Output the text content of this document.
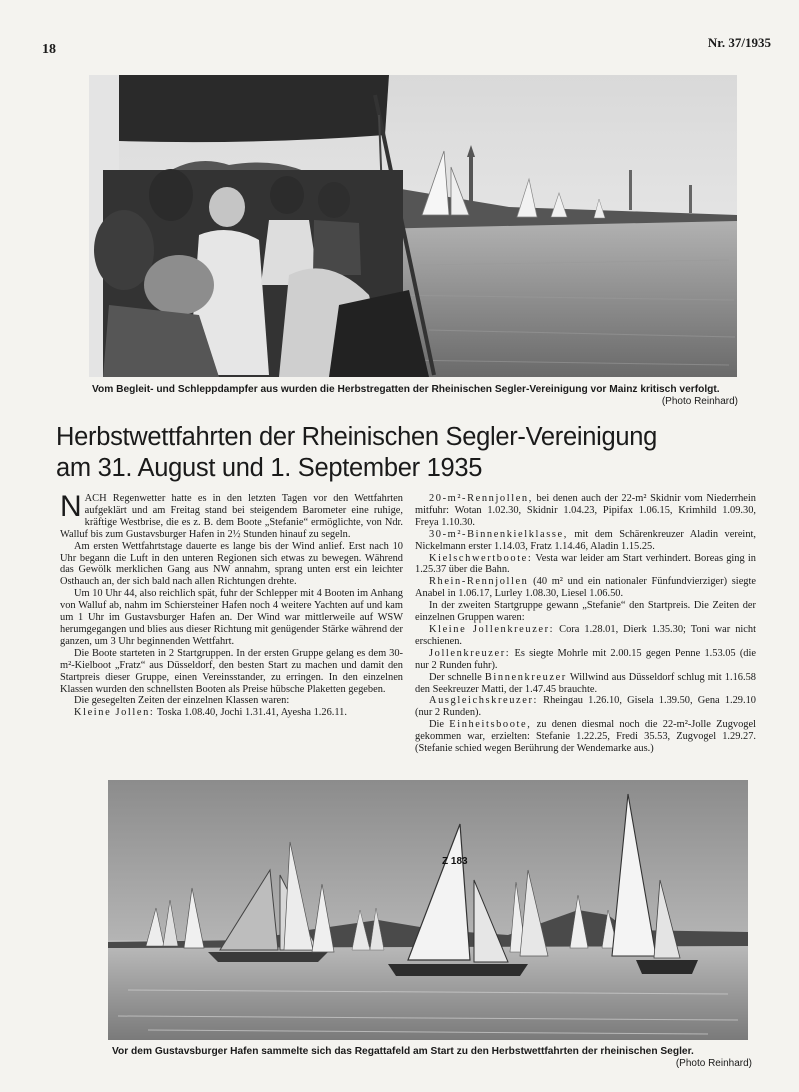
18	Nr. 37/1935
Vom Begleit- und Schleppdampfer aus wurden die Herbstregatten der Rheinischen Segler-Vereinigung vor Mainz kritisch verfolgt.
(Photo Reinhard)
Herbstwettfahrten der Rheinischen Segler-Vereinigung
am 31. August und 1. September 1935

NACH Regenwetter hatte es in den letzten Tagen vor den Wettfahrten aufgeklärt und am Freitag stand bei steigendem Barometer eine ruhige, kräftige Westbrise, die es z. B. dem Boote „Stefanie“ ermöglichte, von Ndr. Walluf bis zum Gustavsburger Hafen in 2½ Stunden hinauf zu segeln.

Am ersten Wettfahrtstage dauerte es lange bis der Wind anlief. Erst nach 10 Uhr begann die Luft in den unteren Regionen sich etwas zu bewegen. Während das Gewölk merklichen Gang aus NW annahm, sprang unten erst ein leichter Osthauch an, der sich bald nach allen Richtungen drehte.

Um 10 Uhr 44, also reichlich spät, fuhr der Schlepper mit 4 Booten im Anhang von Walluf ab, nahm im Schiersteiner Hafen noch 4 weitere Yachten auf und kam um 1 Uhr im Gustavsburger Hafen an. Der Wind war mittlerweile auf WSW herumgegangen und blies aus dieser Richtung mit genügender Stärke während der ganzen, um 3 Uhr beginnenden Wettfahrt.

Die Boote starteten in 2 Startgruppen. In der ersten Gruppe gelang es dem 30-m²-Kielboot „Fratz“ aus Düsseldorf, den besten Start zu machen und damit den Startpreis dieser Gruppe, einen Vereinsstander, zu erringen. In den einzelnen Klassen wurden den schnellsten Booten als Preise hübsche Plaketten gegeben.

Die gesegelten Zeiten der einzelnen Klassen waren:

Kleine Jollen: Toska 1.08.40, Jochi 1.31.41, Ayesha 1.26.11.

20-m²-Rennjollen, bei denen auch der 22-m² Skidnir vom Niederrhein mitfuhr: Wotan 1.02.30, Skidnir 1.04.23, Pipifax 1.06.15, Krimhild 1.09.30, Freya 1.10.30.

30-m²-Binnenkielklasse, mit dem Schärenkreuzer Aladin vereint, Nickelmann erster 1.14.03, Fratz 1.14.46, Aladin 1.15.25.

Kielschwertboote: Vesta war leider am Start verhindert. Boreas ging in 1.25.37 über die Bahn.

Rhein-Rennjollen (40 m² und ein nationaler Fünfundvierziger) siegte Anabel in 1.06.17, Lurley 1.08.30, Liesel 1.06.50.

In der zweiten Startgruppe gewann „Stefanie“ den Startpreis. Die Zeiten der einzelnen Gruppen waren:

Kleine Jollenkreuzer: Cora 1.28.01, Dierk 1.35.30; Toni war nicht erschienen.

Jollenkreuzer: Es siegte Mohrle mit 2.00.15 gegen Penne 1.53.05 (die nur 2 Runden fuhr).

Der schnelle Binnenkreuzer Willwind aus Düsseldorf schlug mit 1.16.58 den Seekreuzer Matti, der 1.47.45 brauchte.

Ausgleichskreuzer: Rheingau 1.26.10, Gisela 1.39.50, Gena 1.29.10 (nur 2 Runden).

Die Einheitsboote, zu denen diesmal noch die 22-m²-Jolle Zugvogel gekommen war, erzielten: Stefanie 1.22.25, Fredi 35.53, Zugvogel 1.29.27. (Stefanie schied wegen Berührung der Wendemarke aus.)

Z 183
Vor dem Gustavsburger Hafen sammelte sich das Regattafeld am Start zu den Herbstwettfahrten der rheinischen Segler.
(Photo Reinhard)
